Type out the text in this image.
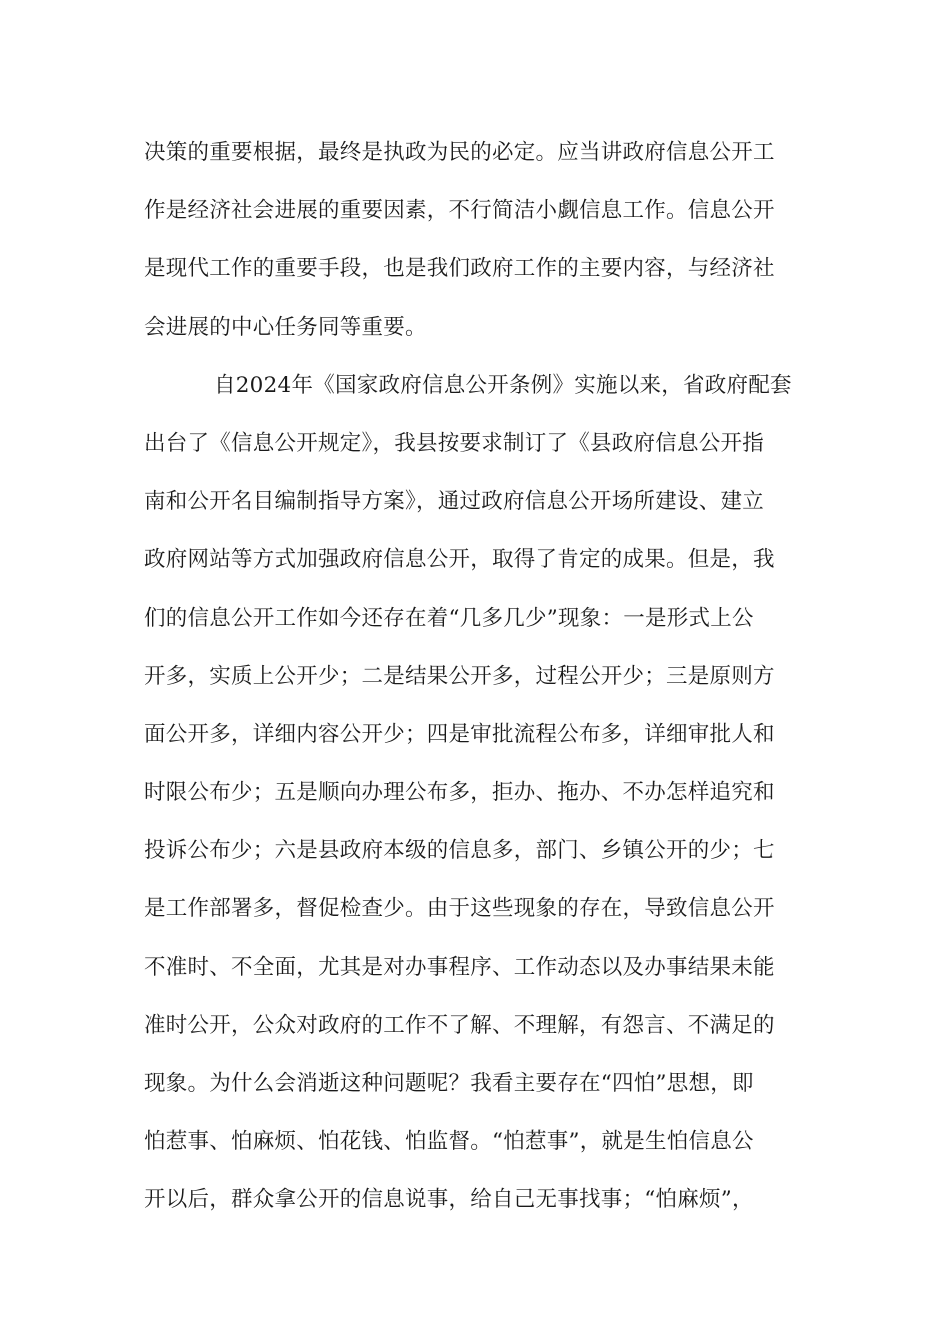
决策的重要根据，最终是执政为民的必定。应当讲政府信息公开工
作是经济社会进展的重要因素，不行简洁小觑信息工作。信息公开
是现代工作的重要手段，也是我们政府工作的主要内容，与经济社
会进展的中心任务同等重要。
自2024年《国家政府信息公开条例》实施以来，省政府配套
出台了《信息公开规定》，我县按要求制订了《县政府信息公开指
南和公开名目编制指导方案》，通过政府信息公开场所建设、建立
政府网站等方式加强政府信息公开，取得了肯定的成果。但是，我
们的信息公开工作如今还存在着“几多几少”现象：一是形式上公
开多，实质上公开少；二是结果公开多，过程公开少；三是原则方
面公开多，详细内容公开少；四是审批流程公布多，详细审批人和
时限公布少；五是顺向办理公布多，拒办、拖办、不办怎样追究和
投诉公布少；六是县政府本级的信息多，部门、乡镇公开的少；七
是工作部署多，督促检查少。由于这些现象的存在，导致信息公开
不准时、不全面，尤其是对办事程序、工作动态以及办事结果未能
准时公开，公众对政府的工作不了解、不理解，有怨言、不满足的
现象。为什么会消逝这种问题呢？我看主要存在“四怕”思想，即
怕惹事、怕麻烦、怕花钱、怕监督。“怕惹事”，就是生怕信息公
开以后，群众拿公开的信息说事，给自己无事找事；“怕麻烦”，
